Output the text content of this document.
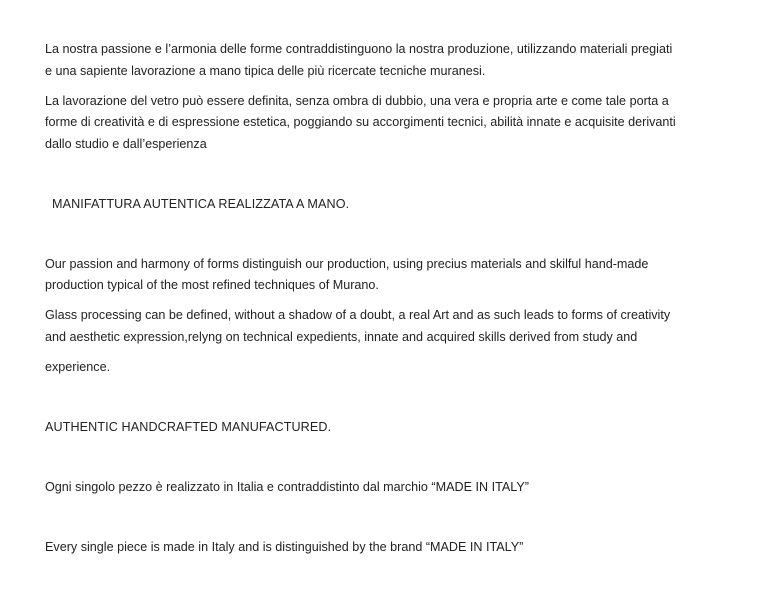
La nostra passione e l’armonia delle forme contraddistinguono la nostra produzione, utilizzando materiali pregiati
e una sapiente lavorazione a mano tipica delle più ricercate tecniche muranesi.
La lavorazione del vetro può essere definita, senza ombra di dubbio, una vera e propria arte e come tale porta a
forme di creatività e di espressione estetica, poggiando su accorgimenti tecnici, abilità innate e acquisite derivanti
dallo studio e dall’esperienza
MANIFATTURA AUTENTICA REALIZZATA A MANO.
Our passion and harmony of forms distinguish our production, using precius materials and skilful hand-made
production typical of the most refined techniques of Murano.
Glass processing can be defined, without a shadow of a doubt, a real Art and as such leads to forms of creativity
and aesthetic expression,relyng on technical expedients, innate and acquired skills derived from study and
experience.
AUTHENTIC HANDCRAFTED MANUFACTURED.
Ogni singolo pezzo è realizzato in Italia e contraddistinto dal marchio “MADE IN ITALY”
Every single piece is made in Italy and is distinguished by the brand “MADE IN ITALY”
